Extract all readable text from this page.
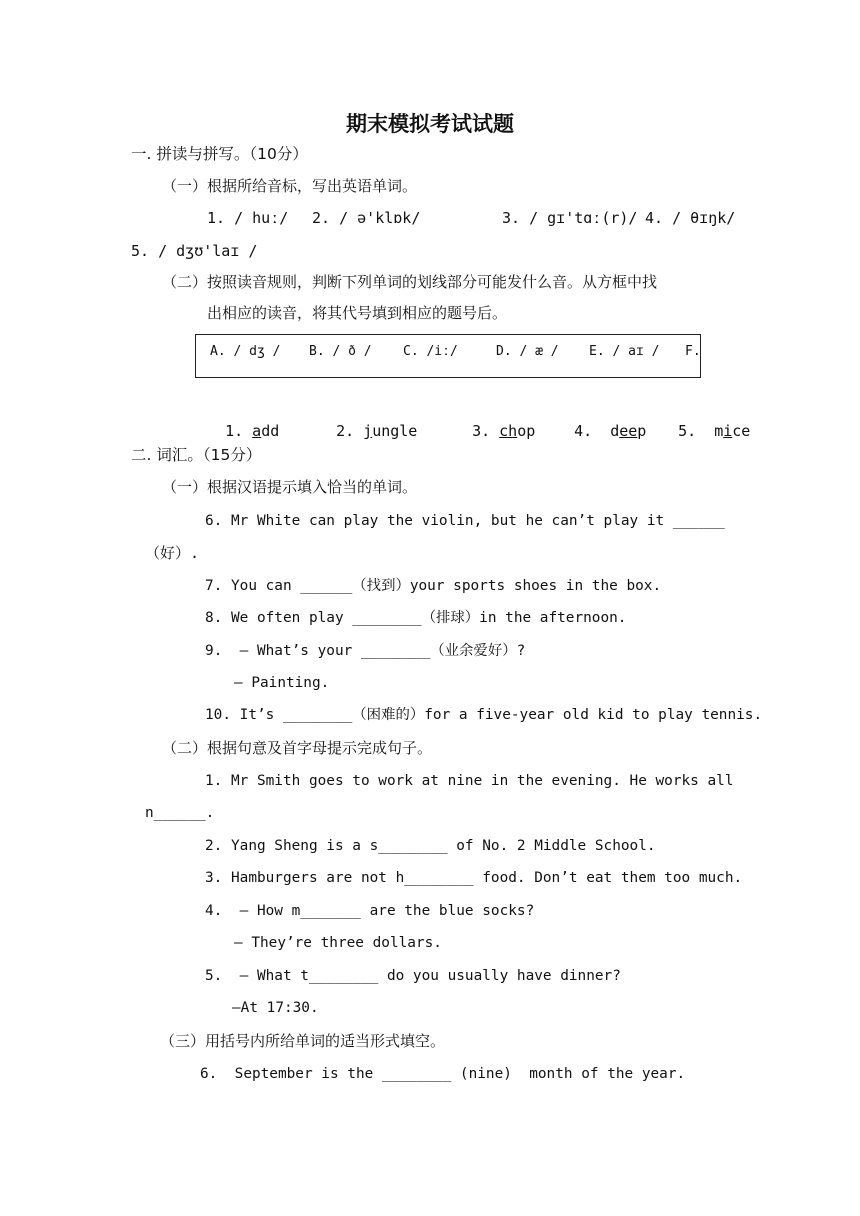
期末模拟考试试题
一. 拼读与拼写。（10分）
（一）根据所给音标，写出英语单词。
1. / huː/ 2. / ə'klɒk/	3. / gɪ'tɑː(r)/ 4. / θɪŋk/
5. / dʒʊ'laɪ /
（二）按照读音规则，判断下列单词的划线部分可能发什么音。从方框中找
出相应的读音，将其代号填到相应的题号后。
A. / dʒ / B. / ð / C. /iː/	D. / æ / E. / aɪ / F.

1. add	2. jungle	3. chop	4. deep	5. mice

二. 词汇。（15分）
（一）根据汉语提示填入恰当的单词。
6. Mr White can play the violin, but he can’t play it ______
（好）.
7. You can ______（找到）your sports shoes in the box.
8. We often play ________（排球）in the afternoon.
9.  – What’s your ________（业余爱好）?
– Painting.
10. It’s ________（困难的）for a five-year old kid to play tennis.
（二）根据句意及首字母提示完成句子。
1. Mr Smith goes to work at nine in the evening. He works all
n______.
2. Yang Sheng is a s________ of No. 2 Middle School.
3. Hamburgers are not h________ food. Don’t eat them too much.
4.  – How m_______ are the blue socks?
– They’re three dollars.
5.  – What t________ do you usually have dinner?
–At 17:30.
（三）用括号内所给单词的适当形式填空。
6.  September is the ________ (nine)  month of the year.
